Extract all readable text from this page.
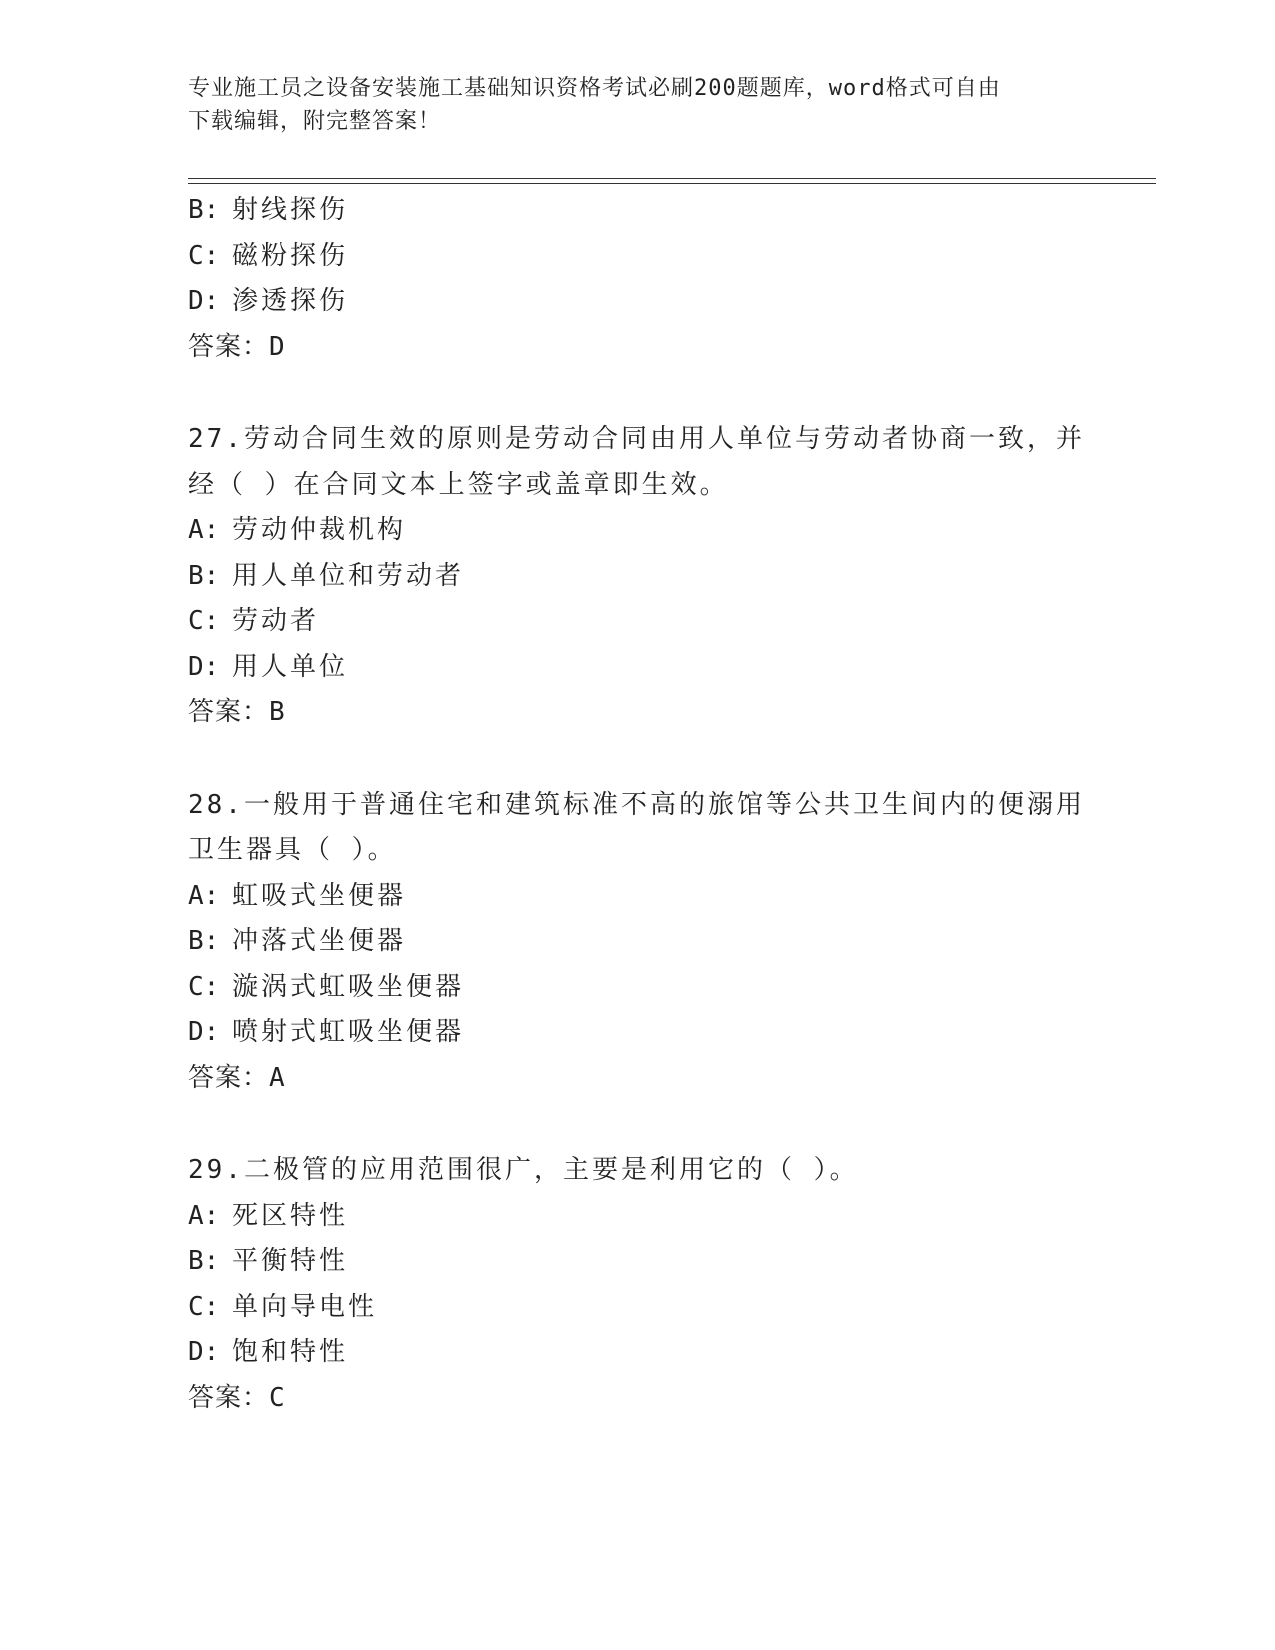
专业施工员之设备安装施工基础知识资格考试必刷200题题库，word格式可自由
下载编辑，附完整答案！
B: 射线探伤
C: 磁粉探伤
D: 渗透探伤
答案：D
27.劳动合同生效的原则是劳动合同由用人单位与劳动者协商一致，并
经（ ）在合同文本上签字或盖章即生效。
A: 劳动仲裁机构
B: 用人单位和劳动者
C: 劳动者
D: 用人单位
答案：B
28.一般用于普通住宅和建筑标准不高的旅馆等公共卫生间内的便溺用
卫生器具（ ）。
A: 虹吸式坐便器
B: 冲落式坐便器
C: 漩涡式虹吸坐便器
D: 喷射式虹吸坐便器
答案：A
29.二极管的应用范围很广，主要是利用它的（ ）。
A: 死区特性
B: 平衡特性
C: 单向导电性
D: 饱和特性
答案：C
